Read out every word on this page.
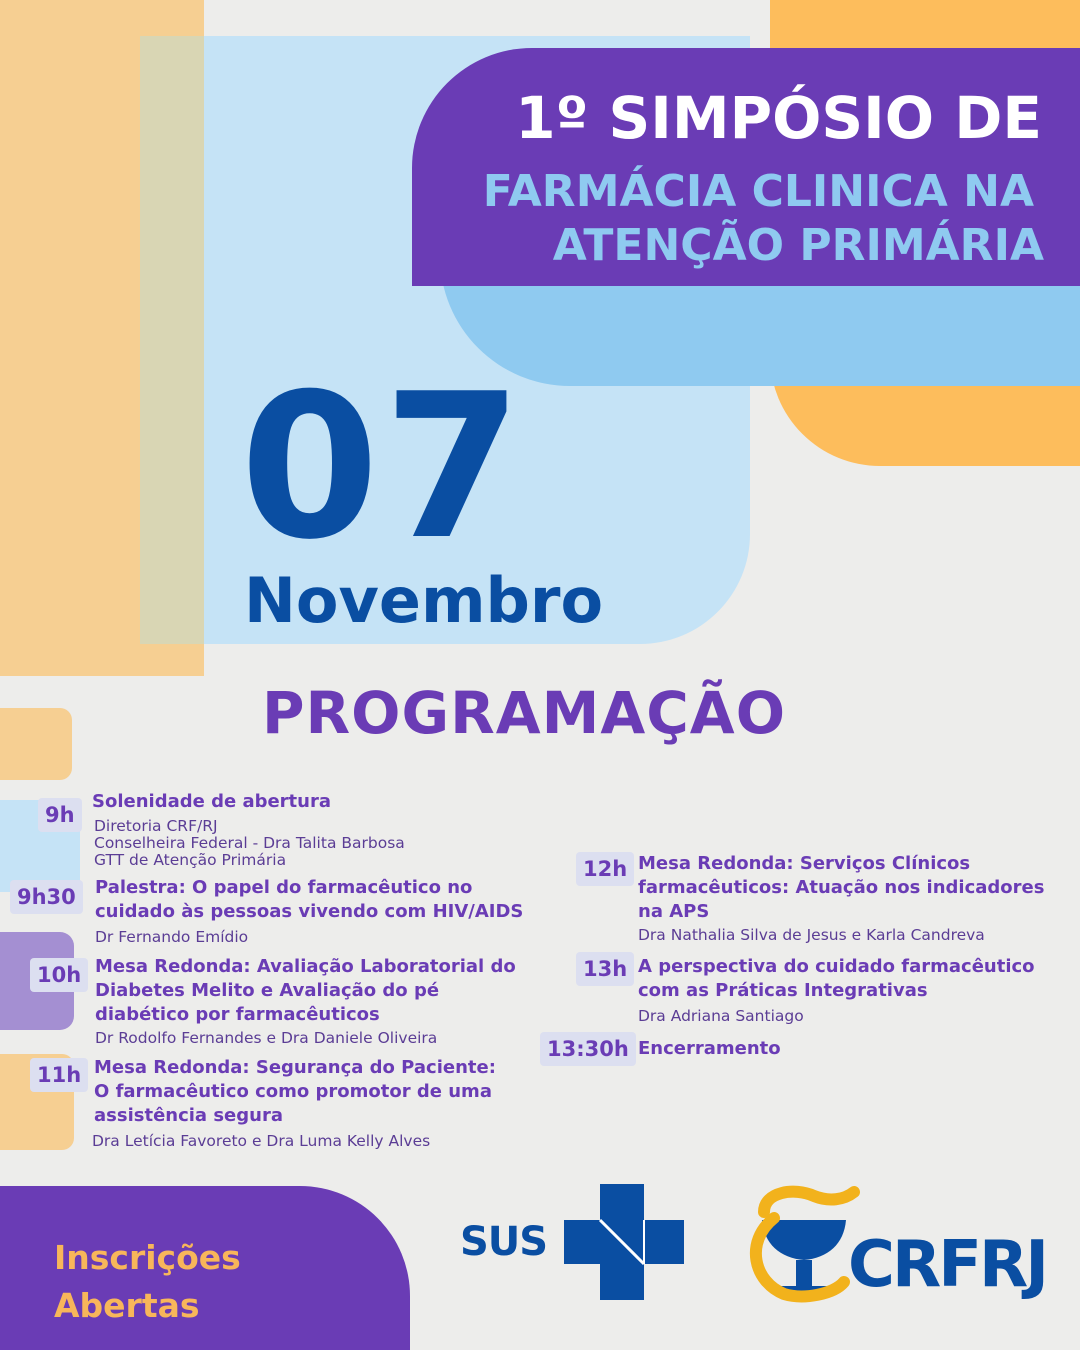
1º SIMPÓSIO DE
FARMÁCIA CLINICA NA
ATENÇÃO PRIMÁRIA
07
Novembro
PROGRAMAÇÃO
9h
Solenidade de abertura
Diretoria CRF/RJ
Conselheira Federal - Dra Talita Barbosa
GTT de Atenção Primária
9h30	Palestra: O papel do farmacêutico no cuidado às pessoas vivendo com HIV/AIDS
Dr Fernando Emídio
10h Mesa Redonda: Avaliação Laboratorial do Diabetes Melito e Avaliação do pé diabético por farmacêuticos
Dr Rodolfo Fernandes e Dra Daniele Oliveira
11h Mesa Redonda: Segurança do Paciente: O farmacêutico como promotor de uma assistência segura
Dra Letícia Favoreto e Dra Luma Kelly Alves
12h Mesa Redonda: Serviços Clínicos farmacêuticos: Atuação nos indicadores na APS
Dra Nathalia Silva de Jesus e Karla Candreva
13h A perspectiva do cuidado farmacêutico com as Práticas Integrativas
Dra Adriana Santiago
13:30h Encerramento
Inscrições
Abertas
SUS	CRFRJ
